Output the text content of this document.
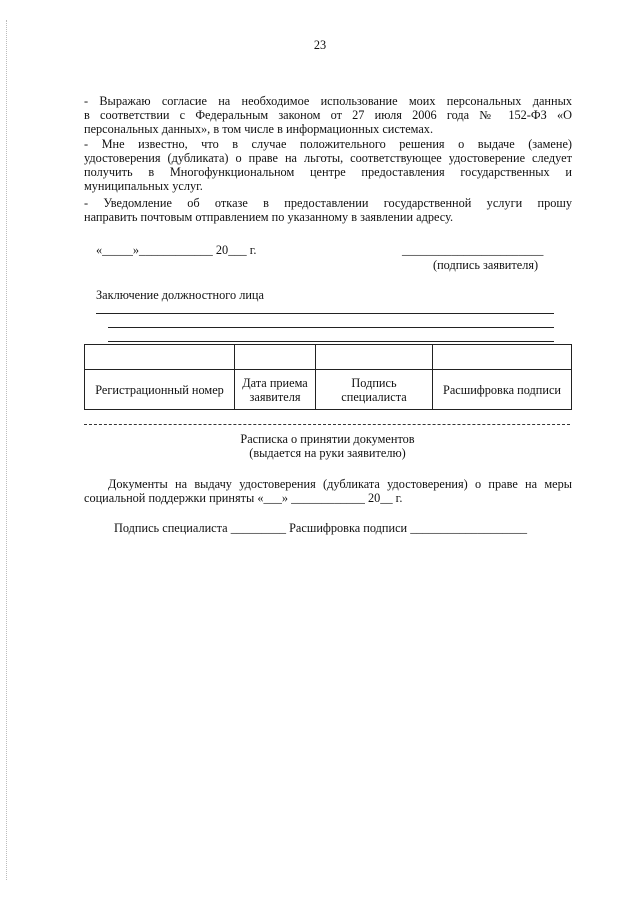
23
- Выражаю согласие на необходимое использование моих персональных данных
в соответствии с Федеральным законом от 27 июля 2006 года № 152-ФЗ «О
персональных данных», в том числе в информационных системах.
- Мне известно, что в случае положительного решения о выдаче (замене)
удостоверения (дубликата) о праве на льготы, соответствующее удостоверение следует
получить в Многофункциональном центре предоставления государственных и
муниципальных услуг.
- Уведомление об отказе в предоставлении государственной услуги прошу
направить почтовым отправлением по указанному в заявлении адресу.
«_____»____________ 20___ г.	_______________________
(подпись заявителя)
Заключение должностного лица

Регистрационный номер	Дата приема заявителя	Подпись специалиста	Расшифровка подписи
Расписка о принятии документов
(выдается на руки заявителю)
Документы на выдачу удостоверения (дубликата удостоверения) о праве на меры
социальной поддержки приняты «___» ____________ 20__ г.
Подпись специалиста _________ Расшифровка подписи ___________________
